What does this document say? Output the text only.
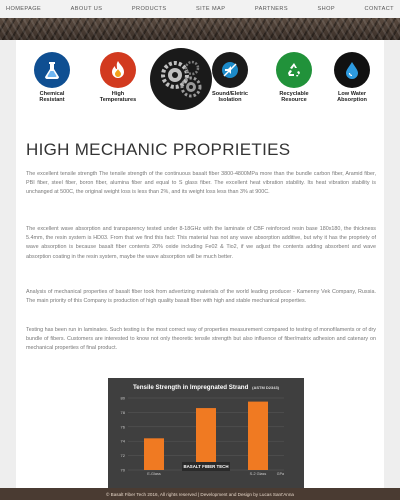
HOMEPAGE	ABOUT US	PRODUCTS	SITE MAP	PARTNERS	SHOP	CONTACT
Chemical
Resistant
High
Temperatures
Sound/Eletric
Isolation
Recyclable
Resource
Low Water
Absorption
HIGH MECHANIC PROPRIETIES

The excellent tensile strength The tensile strength of the continuous basalt fiber 3800-4800MPa more than the bundle carbon fiber, Aramid fiber, PBI fiber, steel fiber, boron fiber, alumina fiber and equal to S glass fiber. The excellent heat vibration stability. Its heat vibration stability is unchanged at 500C, the original weight loss is less than 2%, and its weight loss less than 3% at 900C.

The excellent wave absorption and transparency tested under 8-18GHz with the laminate of CBF reinforced resin base 180x180, the thickness 5.4mm, the resin system is HD03. From that we find this fact: This material has not any wave absorption additive, but why it has the propriety of wave absorption is because basalt fiber contents 20% oxide including Fe02 & Tio2, if we adjust the contents adding absorbent and wave absorption coating in the resin system, maybe the wave absorption will be much better.

Analysis of mechanical properties of basalt fiber took from advertizing materials of the world leading producer - Kamenny Vek Company, Russia. The main priority of this Company is production of high quality basalt fiber with high and stable mechanical properties.

Testing has been run in laminates. Such testing is the most correct way of properties measurement compared to testing of monofilaments or of dry bundle of fibers. Customers are interested to know not only theoretic tensile strength but also influence of fiber/matrix adhesion and catenary on mechanical properties of final product.

Tensile Strength in Impregnated Strand (ASTM D2343)
80
78
76
74
72
70
E-Glass
BASALT FIBER TECH
S-2 Glass	GPa
© Basalt Fiber Tech 2016, All rights reserved | Development and Design by Lucas Sant'Anna
